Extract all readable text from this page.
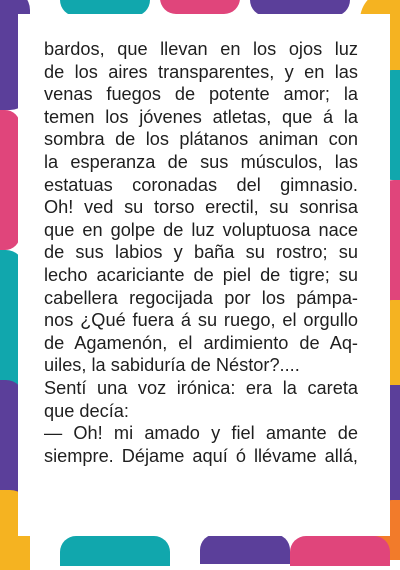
bardos, que llevan en los ojos luz
de los aires transparentes, y en las
venas fuegos de potente amor; la
temen los jóvenes atletas, que á la
sombra de los plátanos animan con
la esperanza de sus músculos, las
estatuas coronadas del gimnasio.
Oh! ved su torso erectil, su sonrisa
que en golpe de luz voluptuosa nace
de sus labios y baña su rostro; su
lecho acariciante de piel de tigre; su
cabellera regocijada por los pámpa-
nos ¿Qué fuera á su ruego, el orgullo
de Agamenón, el ardimiento de Aq-
uiles, la sabiduría de Néstor?....
Sentí una voz irónica: era la careta
que decía:
— Oh! mi amado y fiel amante de
siempre. Déjame aquí ó llévame allá,
